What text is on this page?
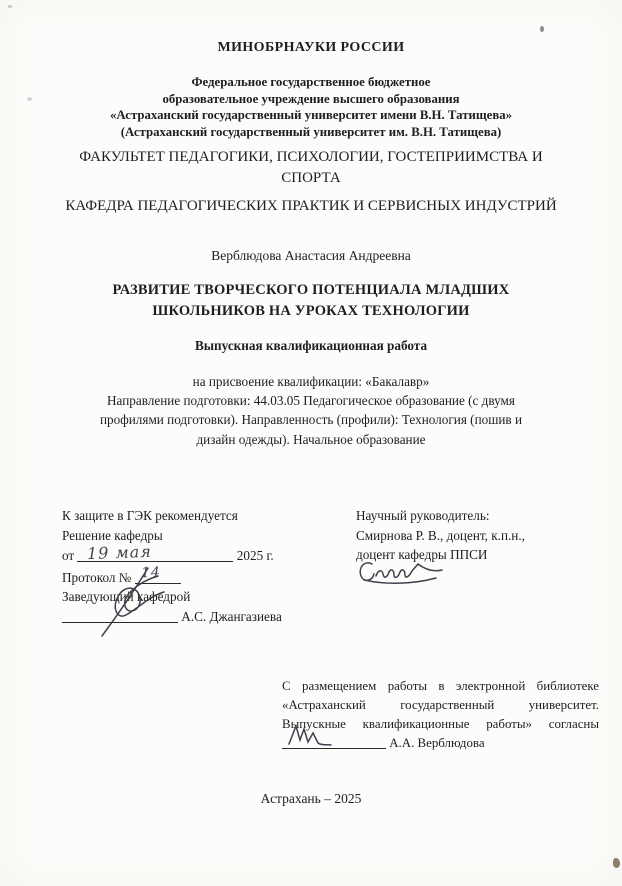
МИНОБРНАУКИ РОССИИ
Федеральное государственное бюджетное
образовательное учреждение высшего образования
«Астраханский государственный университет имени В.Н. Татищева»
(Астраханский государственный университет им. В.Н. Татищева)
ФАКУЛЬТЕТ ПЕДАГОГИКИ, ПСИХОЛОГИИ, ГОСТЕПРИИМСТВА И
СПОРТА
КАФЕДРА ПЕДАГОГИЧЕСКИХ ПРАКТИК И СЕРВИСНЫХ ИНДУСТРИЙ
Верблюдова Анастасия Андреевна
РАЗВИТИЕ ТВОРЧЕСКОГО ПОТЕНЦИАЛА МЛАДШИХ
ШКОЛЬНИКОВ НА УРОКАХ ТЕХНОЛОГИИ
Выпускная квалификационная работа
на присвоение квалификации: «Бакалавр»
Направление подготовки: 44.03.05 Педагогическое образование (с двумя
профилями подготовки). Направленность (профили): Технология (пошив и
дизайн одежды). Начальное образование
К защите в ГЭК рекомендуется
Решение кафедры
от 19 мая	2025 г.
Протокол № 14
Заведующий кафедрой
А.С. Джангазиева
Научный руководитель:
Смирнова Р. В., доцент, к.п.н.,
доцент кафедры ППСИ
С размещением работы в электронной библиотеке
«Астраханский государственный университет.
Выпускные квалификационные работы» согласны
А.А. Верблюдова
Астрахань – 2025
